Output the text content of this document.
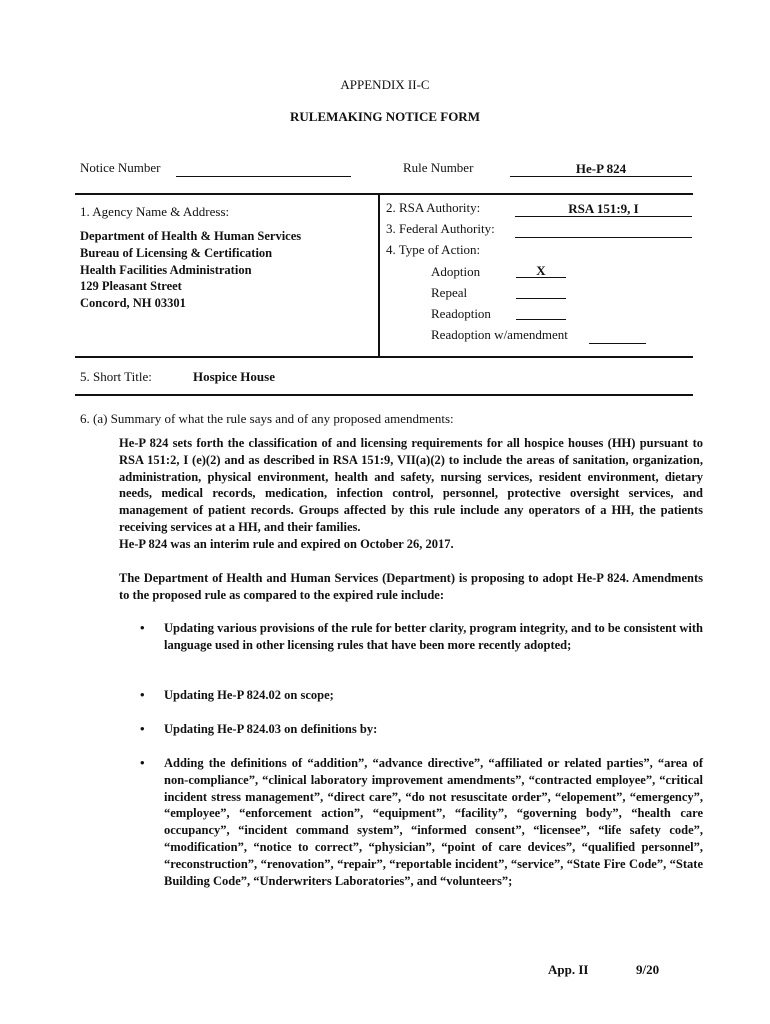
APPENDIX II-C
RULEMAKING NOTICE FORM
Notice Number	Rule Number	He-P 824
1. Agency Name & Address:
Department of Health & Human Services
Bureau of Licensing & Certification
Health Facilities Administration
129 Pleasant Street
Concord, NH 03301
2. RSA Authority:	RSA 151:9, I
3. Federal Authority:
4. Type of Action:
Adoption	X
Repeal
Readoption
Readoption w/amendment
5. Short Title:	Hospice House
6. (a) Summary of what the rule says and of any proposed amendments:
He-P 824 sets forth the classification of and licensing requirements for all hospice houses (HH) pursuant to RSA 151:2, I (e)(2) and as described in RSA 151:9, VII(a)(2) to include the areas of sanitation, organization, administration, physical environment, health and safety, nursing services, resident environment, dietary needs, medical records, medication, infection control, personnel, protective oversight services, and management of patient records. Groups affected by this rule include any operators of a HH, the patients receiving services at a HH, and their families.
He-P 824 was an interim rule and expired on October 26, 2017.
The Department of Health and Human Services (Department) is proposing to adopt He-P 824. Amendments to the proposed rule as compared to the expired rule include:
• Updating various provisions of the rule for better clarity, program integrity, and to be consistent with language used in other licensing rules that have been more recently adopted;
• Updating He-P 824.02 on scope;
• Updating He-P 824.03 on definitions by:
• Adding the definitions of “addition”, “advance directive”, “affiliated or related parties”, “area of non-compliance”, “clinical laboratory improvement amendments”, “contracted employee”, “critical incident stress management”, “direct care”, “do not resuscitate order”, “elopement”, “emergency”, “employee”, “enforcement action”, “equipment”, “facility”, “governing body”, “health care occupancy”, “incident command system”, “informed consent”, “licensee”, “life safety code”, “modification”, “notice to correct”, “physician”, “point of care devices”, “qualified personnel”, “reconstruction”, “renovation”, “repair”, “reportable incident”, “service”, “State Fire Code”, “State Building Code”, “Underwriters Laboratories”, and “volunteers”;
App. II	9/20
